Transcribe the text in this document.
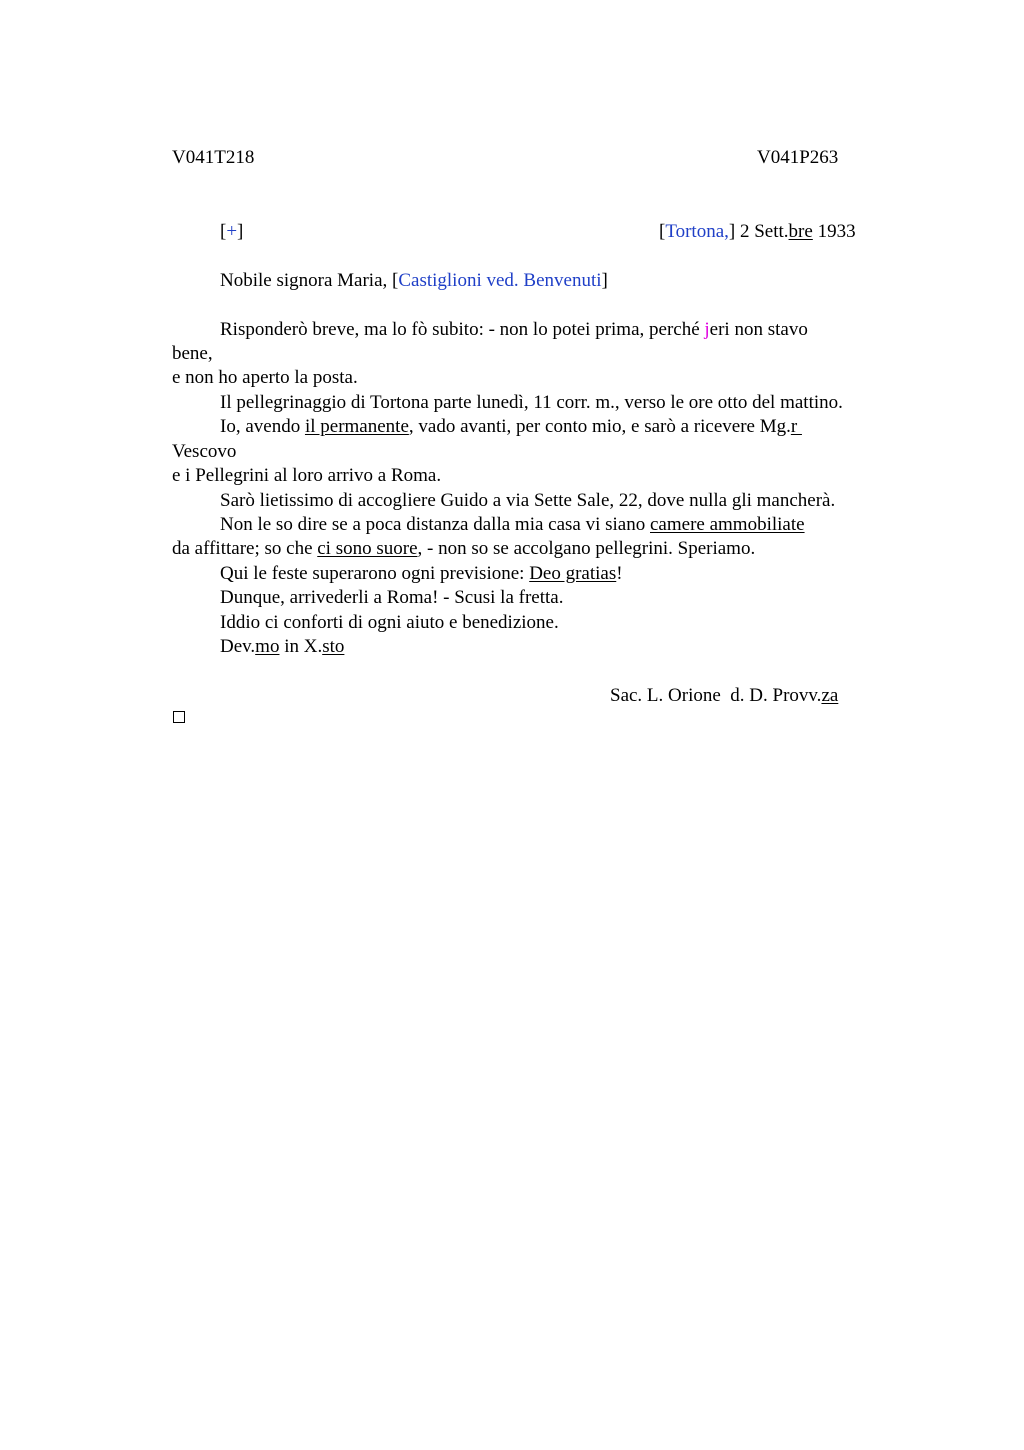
V041T218	V041P263
[+]	[Tortona,] 2 Sett.bre 1933
Nobile signora Maria, [Castiglioni ved. Benvenuti]
Risponderò breve, ma lo fò subito: - non lo potei prima, perché jeri non stavo
bene,
e non ho aperto la posta.
Il pellegrinaggio di Tortona parte lunedì, 11 corr. m., verso le ore otto del mattino.
Io, avendo il permanente, vado avanti, per conto mio, e sarò a ricevere Mg.r
Vescovo
e i Pellegrini al loro arrivo a Roma.
Sarò lietissimo di accogliere Guido a via Sette Sale, 22, dove nulla gli mancherà.
Non le so dire se a poca distanza dalla mia casa vi siano camere ammobiliate
da affittare; so che ci sono suore, - non so se accolgano pellegrini. Speriamo.
Qui le feste superarono ogni previsione: Deo gratias!
Dunque, arrivederli a Roma! - Scusi la fretta.
Iddio ci conforti di ogni aiuto e benedizione.
Dev.mo in X.sto
Sac. L. Orione  d. D. Provv.za
